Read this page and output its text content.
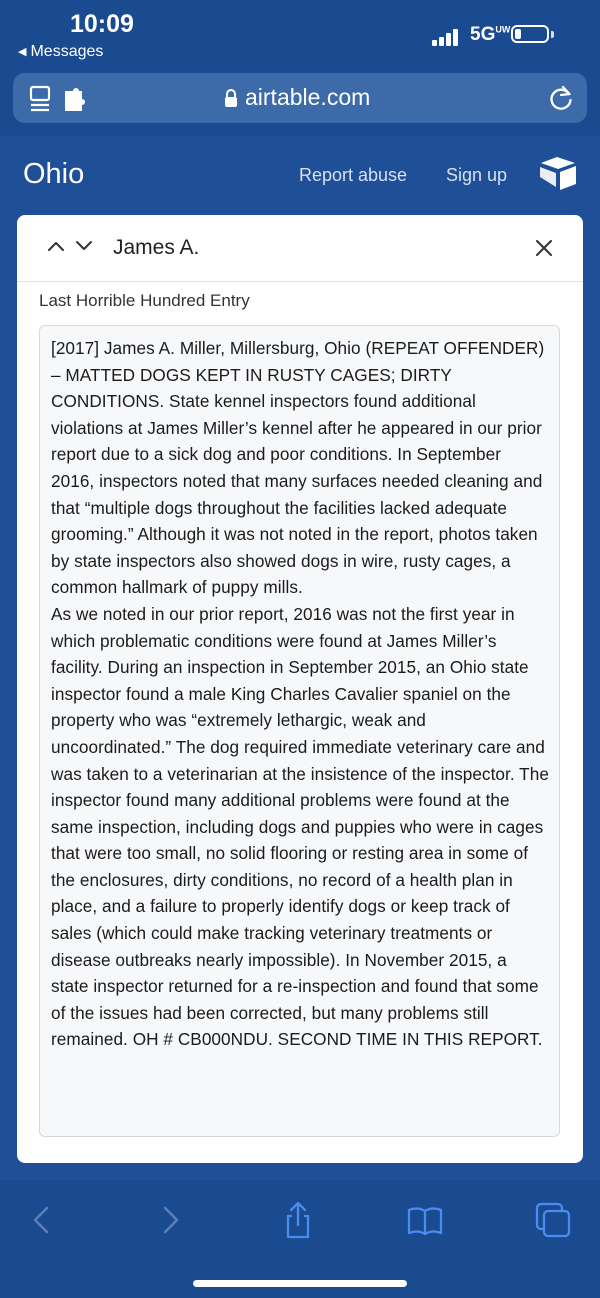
10:09
◀ Messages
$5G^{UW}$
airtable.com
Ohio	Report abuse Sign up
James A.
Last Horrible Hundred Entry
[2017] James A. Miller, Millersburg, Ohio (REPEAT OFFENDER) – MATTED DOGS KEPT IN RUSTY CAGES; DIRTY CONDITIONS. State kennel inspectors found additional violations at James Miller’s kennel after he appeared in our prior report due to a sick dog and poor conditions. In September 2016, inspectors noted that many surfaces needed cleaning and that “multiple dogs throughout the facilities lacked adequate grooming.” Although it was not noted in the report, photos taken by state inspectors also showed dogs in wire, rusty cages, a common hallmark of puppy mills.
As we noted in our prior report, 2016 was not the first year in which problematic conditions were found at James Miller’s facility. During an inspection in September 2015, an Ohio state inspector found a male King Charles Cavalier spaniel on the property who was “extremely lethargic, weak and uncoordinated.” The dog required immediate veterinary care and was taken to a veterinarian at the insistence of the inspector. The inspector found many additional problems were found at the same inspection, including dogs and puppies who were in cages that were too small, no solid flooring or resting area in some of the enclosures, dirty conditions, no record of a health plan in place, and a failure to properly identify dogs or keep track of sales (which could make tracking veterinary treatments or disease outbreaks nearly impossible). In November 2015, a state inspector returned for a re-inspection and found that some of the issues had been corrected, but many problems still remained. OH # CB000NDU. SECOND TIME IN THIS REPORT.
